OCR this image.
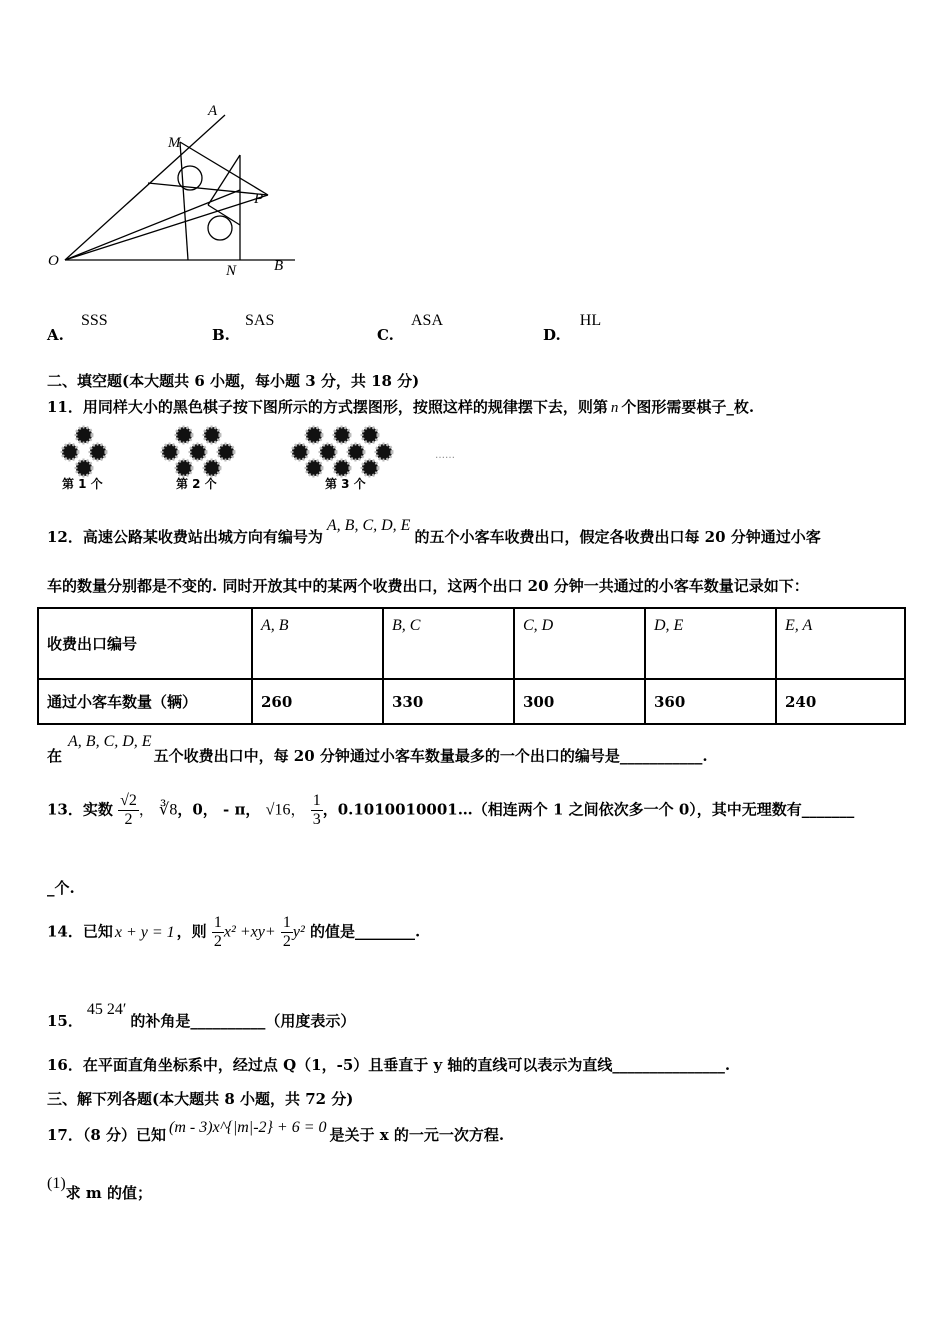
A
M
P
O
N	B
A. SSS
B. SAS
C. ASA
D. HL
二、填空题(本大题共 6 小题，每小题 3 分，共 18 分)
11．用同样大小的黑色棋子按下图所示的方式摆图形，按照这样的规律摆下去，则第 n 个图形需要棋子_枚.
第 1 个	第 2 个	第 3 个
……
12．高速公路某收费站出城方向有编号为A, B, C, D, E的五个小客车收费出口，假定各收费出口每 20 分钟通过小客
车的数量分别都是不变的. 同时开放其中的某两个收费出口，这两个出口 20 分钟一共通过的小客车数量记录如下：
收费出口编号	A, B	B, C	C, D	D, E	E, A
通过小客车数量（辆）	260	330	300	360	240
在A, B, C, D, E五个收费出口中，每 20 分钟通过小客车数量最多的一个出口的编号是___________.
13．实数 $\frac{√2}{2}$ ， ∛8，0， - π， √16， $\frac{1}{3}$ ，0.1010010001…（相连两个 1 之间依次多一个 0），其中无理数有_______
_个.
14．已知 x + y = 1 ，则 $\frac{1}{2} x^2 +xy+ \frac{1}{2} y^2$ 的值是________.
15．45 24′的补角是__________（用度表示）
16．在平面直角坐标系中，经过点 Q（1，-5）且垂直于 y 轴的直线可以表示为直线_______________.
三、解下列各题(本大题共 8 小题，共 72 分)
17．（8 分）已知 (m - 3)x^{|m|-2} + 6 = 0 是关于 x 的一元一次方程.
(1)求 m 的值；
